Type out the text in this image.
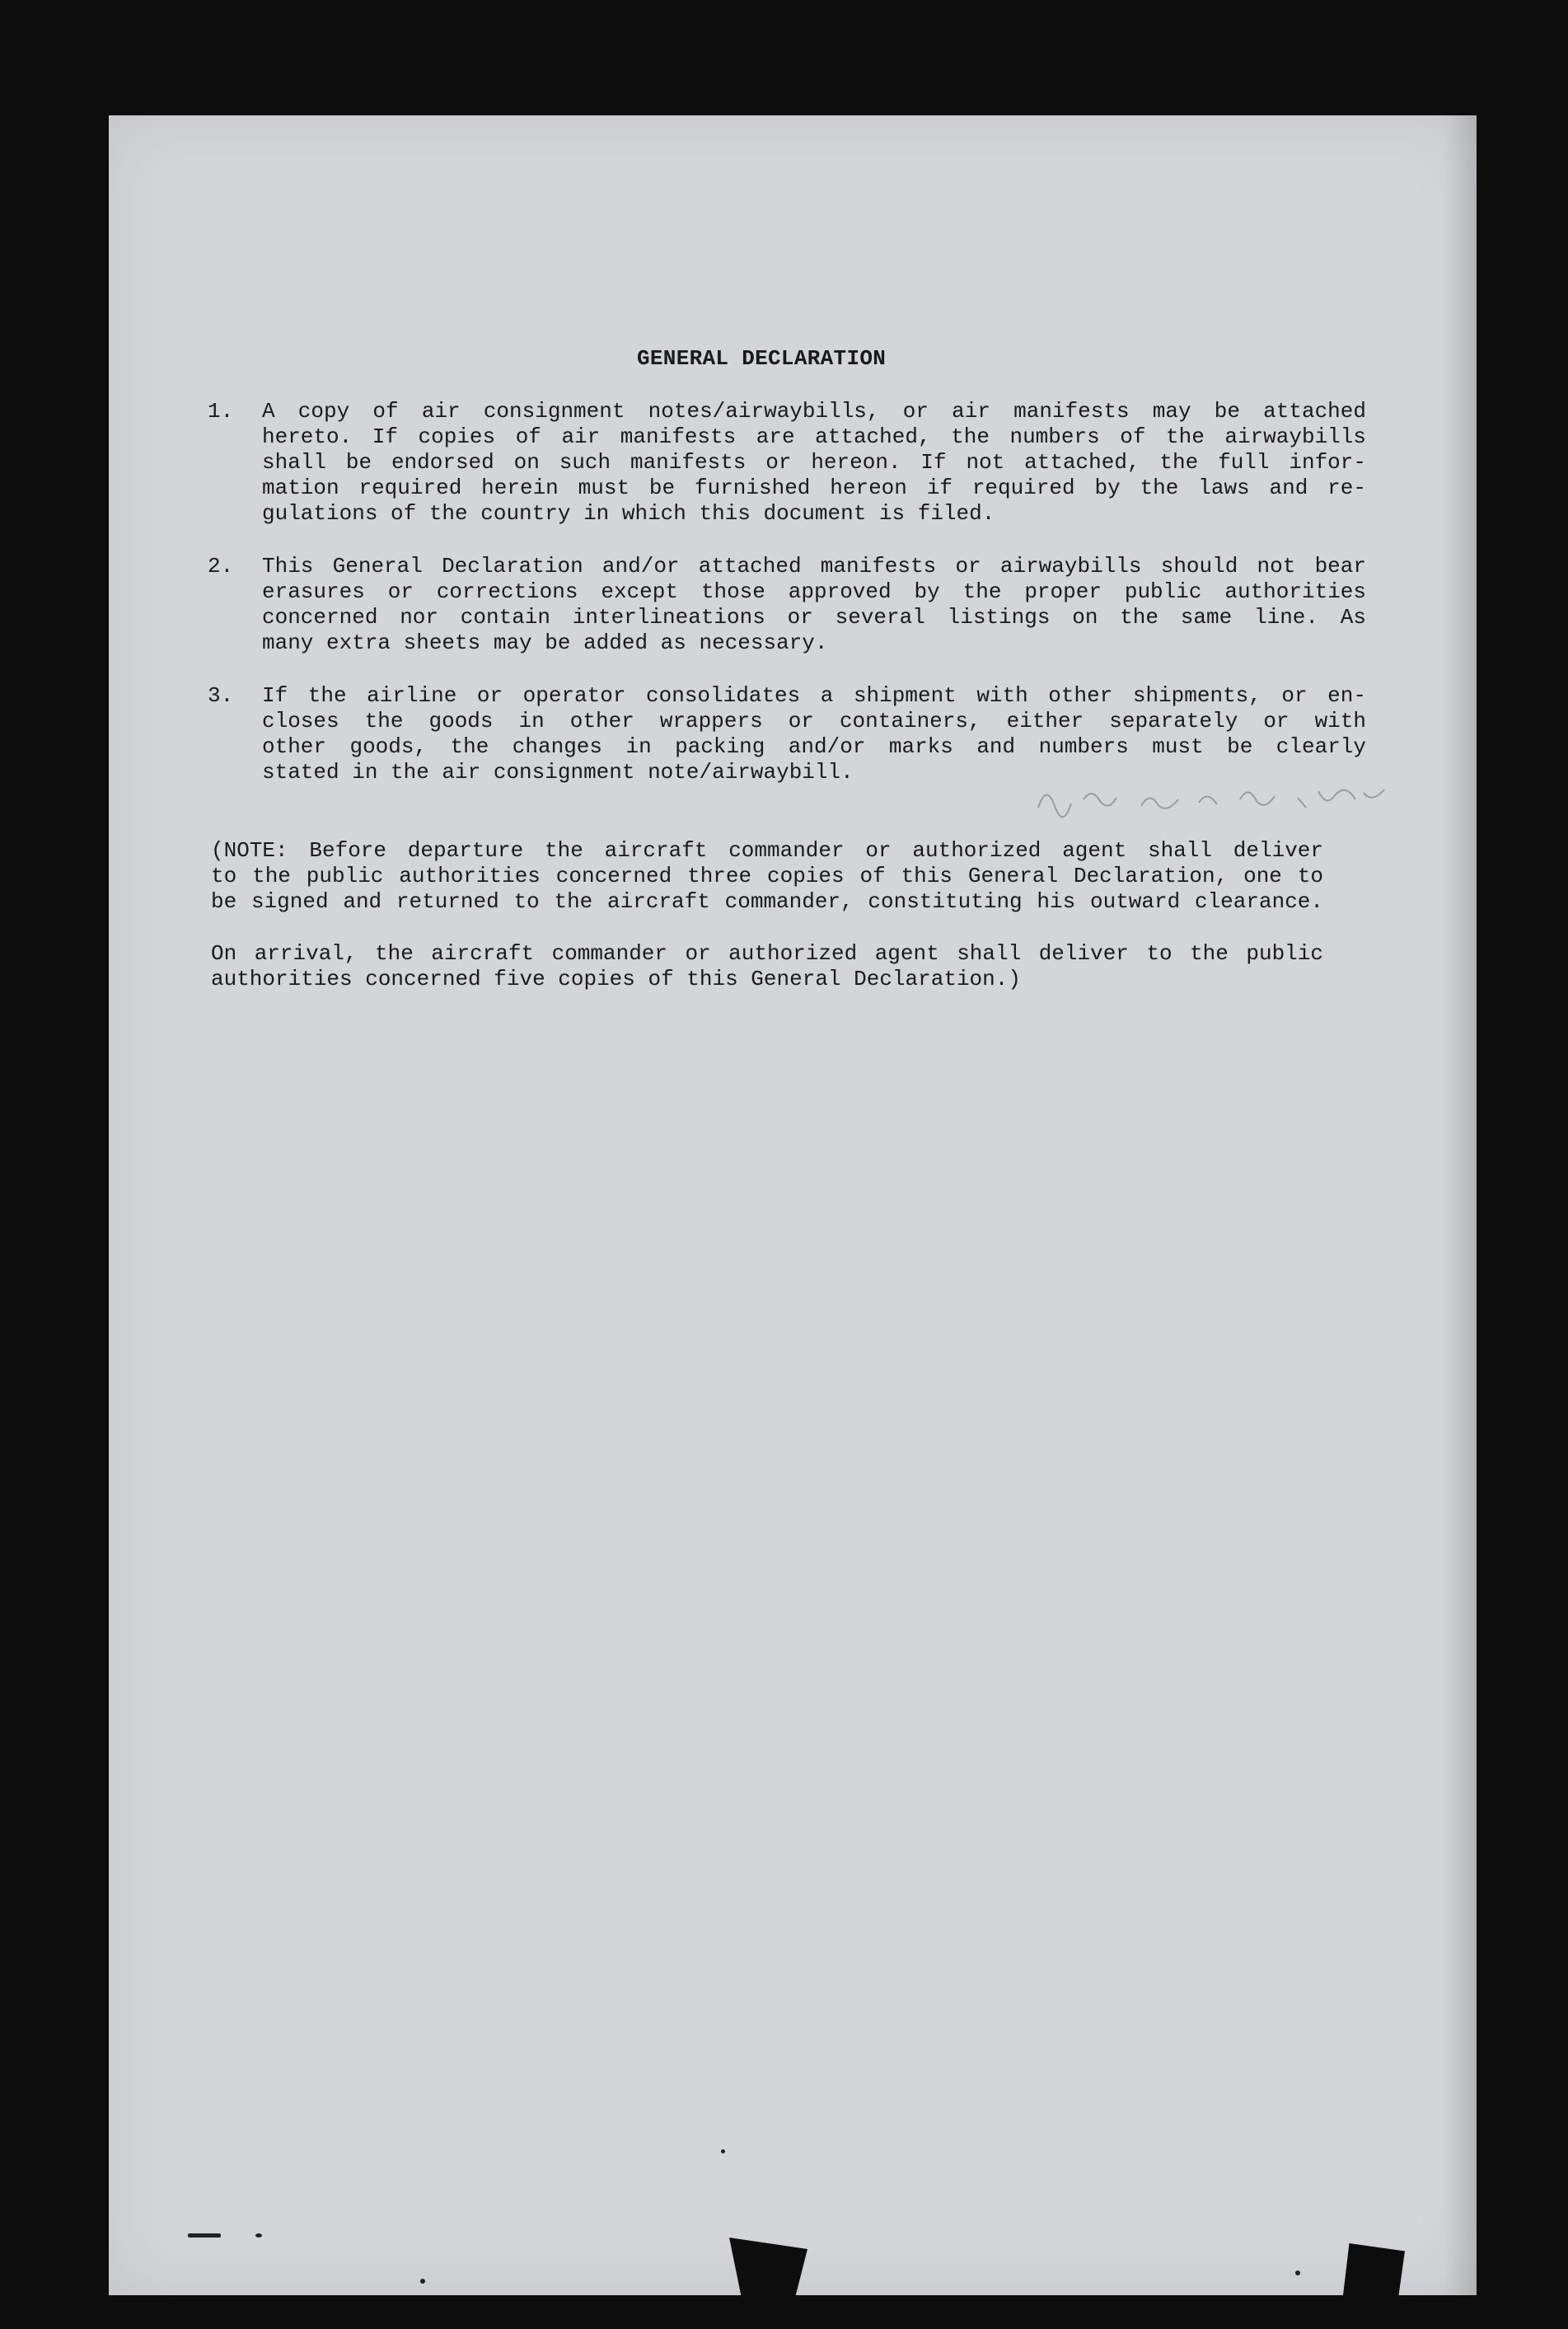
GENERAL DECLARATION
1.	A copy of air consignment notes/airwaybills, or air manifests may be attached
hereto. If copies of air manifests are attached, the numbers of the airwaybills
shall be endorsed on such manifests or hereon. If not attached, the full infor-
mation required herein must be furnished hereon if required by the laws and re-
gulations of the country in which this document is filed.
2.	This General Declaration and/or attached manifests or airwaybills should not bear
erasures or corrections except those approved by the proper public authorities
concerned nor contain interlineations or several listings on the same line. As
many extra sheets may be added as necessary.
3.	If the airline or operator consolidates a shipment with other shipments, or en-
closes the goods in other wrappers or containers, either separately or with
other goods, the changes in packing and/or marks and numbers must be clearly
stated in the air consignment note/airwaybill.
(NOTE: Before departure the aircraft commander or authorized agent shall deliver
to the public authorities concerned three copies of this General Declaration, one to
be signed and returned to the aircraft commander, constituting his outward clearance.
On arrival, the aircraft commander or authorized agent shall deliver to the public
authorities concerned five copies of this General Declaration.)
